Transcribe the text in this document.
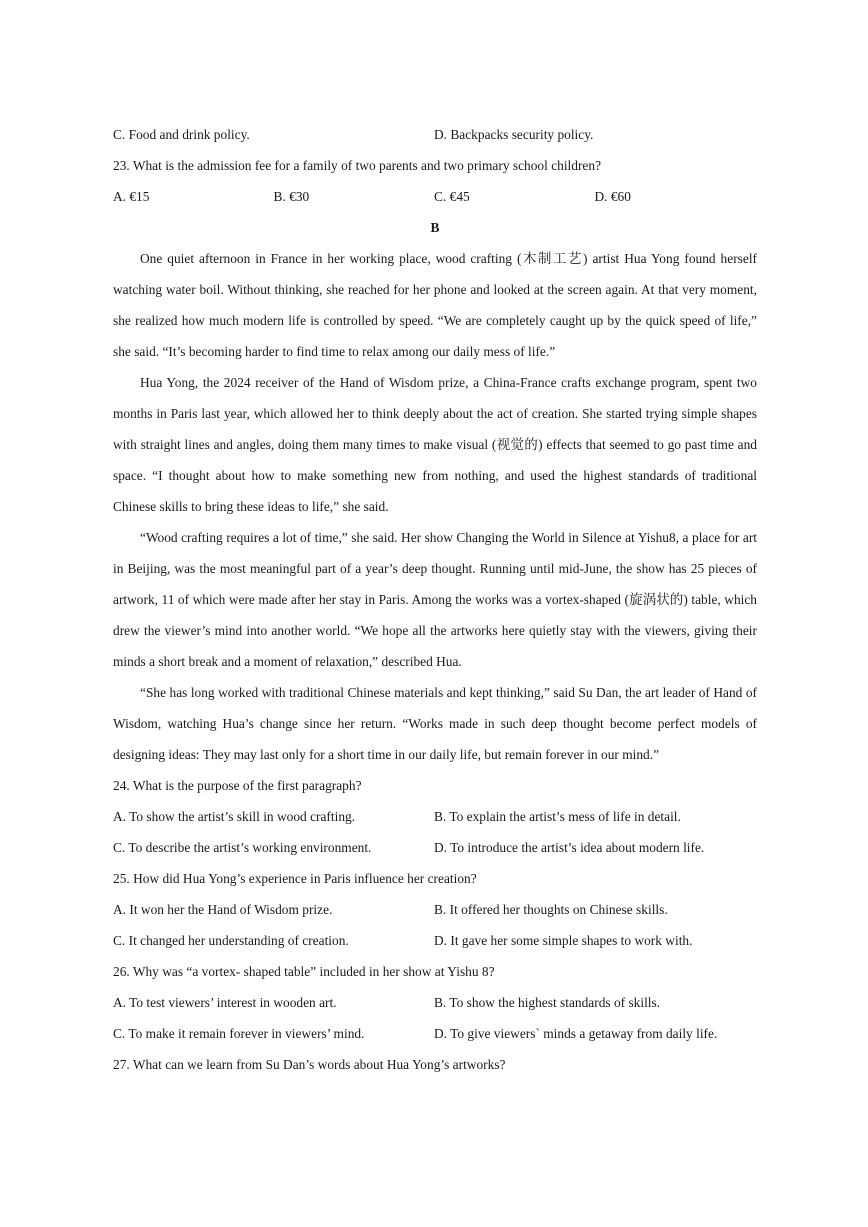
C. Food and drink policy.	D. Backpacks security policy.
23. What is the admission fee for a family of two parents and two primary school children?
A. €15	B. €30	C. €45	D. €60
B

One quiet afternoon in France in her working place, wood crafting (木制工艺) artist Hua Yong found herself watching water boil. Without thinking, she reached for her phone and looked at the screen again. At that very moment, she realized how much modern life is controlled by speed. “We are completely caught up by the quick speed of life,” she said. “It’s becoming harder to find time to relax among our daily mess of life.”

Hua Yong, the 2024 receiver of the Hand of Wisdom prize, a China-France crafts exchange program, spent two months in Paris last year, which allowed her to think deeply about the act of creation. She started trying simple shapes with straight lines and angles, doing them many times to make visual (视觉的) effects that seemed to go past time and space. “I thought about how to make something new from nothing, and used the highest standards of traditional Chinese skills to bring these ideas to life,” she said.

“Wood crafting requires a lot of time,” she said. Her show Changing the World in Silence at Yishu8, a place for art in Beijing, was the most meaningful part of a year’s deep thought. Running until mid-June, the show has 25 pieces of artwork, 11 of which were made after her stay in Paris. Among the works was a vortex-shaped (旋涡状的) table, which drew the viewer’s mind into another world. “We hope all the artworks here quietly stay with the viewers, giving their minds a short break and a moment of relaxation,” described Hua.

“She has long worked with traditional Chinese materials and kept thinking,” said Su Dan, the art leader of Hand of Wisdom, watching Hua’s change since her return. “Works made in such deep thought become perfect models of designing ideas: They may last only for a short time in our daily life, but remain forever in our mind.”

24. What is the purpose of the first paragraph?
A. To show the artist’s skill in wood crafting.	B. To explain the artist’s mess of life in detail.
C. To describe the artist’s working environment.	D. To introduce the artist’s idea about modern life.
25. How did Hua Yong’s experience in Paris influence her creation?
A. It won her the Hand of Wisdom prize.	B. It offered her thoughts on Chinese skills.
C. It changed her understanding of creation.	D. It gave her some simple shapes to work with.
26. Why was “a vortex- shaped table” included in her show at Yishu 8?
A. To test viewers’ interest in wooden art.	B. To show the highest standards of skills.
C. To make it remain forever in viewers’ mind.	D. To give viewers` minds a getaway from daily life.
27. What can we learn from Su Dan’s words about Hua Yong’s artworks?
